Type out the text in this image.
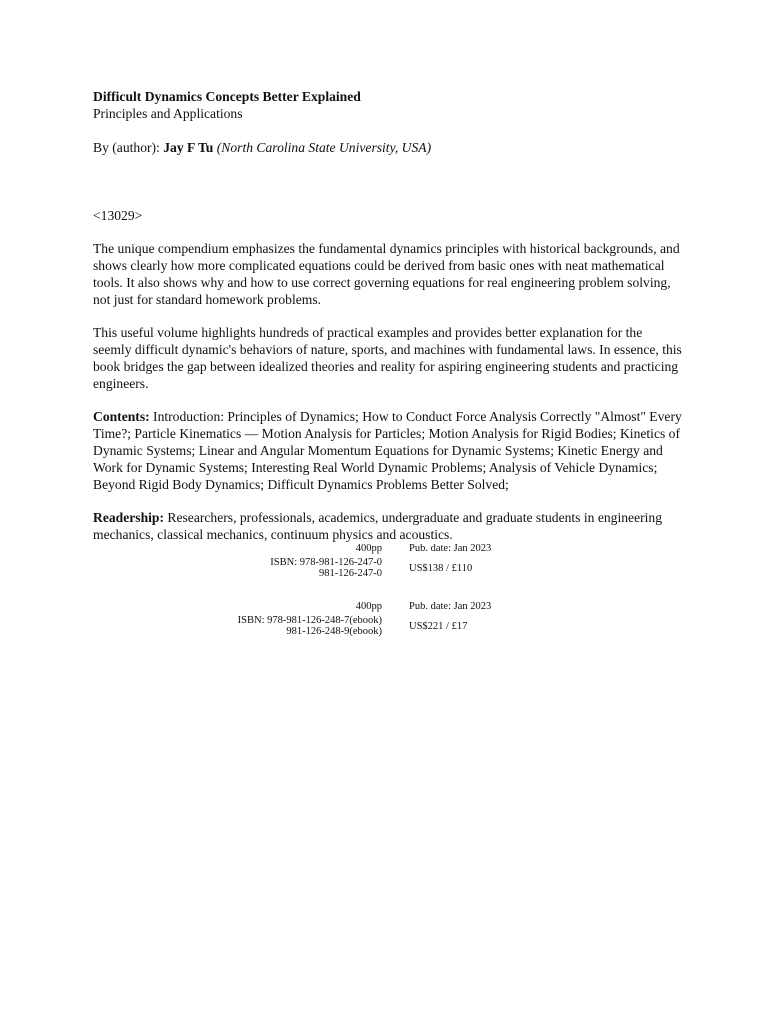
Difficult Dynamics Concepts Better Explained
Principles and Applications
By (author): Jay F Tu (North Carolina State University, USA)
<13029>
The unique compendium emphasizes the fundamental dynamics principles with historical backgrounds, and shows clearly how more complicated equations could be derived from basic ones with neat mathematical tools. It also shows why and how to use correct governing equations for real engineering problem solving, not just for standard homework problems.
This useful volume highlights hundreds of practical examples and provides better explanation for the seemly difficult dynamic's behaviors of nature, sports, and machines with fundamental laws. In essence, this book bridges the gap between idealized theories and reality for aspiring engineering students and practicing engineers.
Contents: Introduction: Principles of Dynamics; How to Conduct Force Analysis Correctly "Almost" Every Time?; Particle Kinematics — Motion Analysis for Particles; Motion Analysis for Rigid Bodies; Kinetics of Dynamic Systems; Linear and Angular Momentum Equations for Dynamic Systems; Kinetic Energy and Work for Dynamic Systems; Interesting Real World Dynamic Problems; Analysis of Vehicle Dynamics; Beyond Rigid Body Dynamics; Difficult Dynamics Problems Better Solved;
Readership: Researchers, professionals, academics, undergraduate and graduate students in engineering mechanics, classical mechanics, continuum physics and acoustics.
400pp	Pub. date: Jan 2023
ISBN: 978-981-126-247-0
981-126-247-0	US$138 / £110
400pp	Pub. date: Jan 2023
ISBN: 978-981-126-248-7(ebook)
981-126-248-9(ebook)	US$221 / £17
